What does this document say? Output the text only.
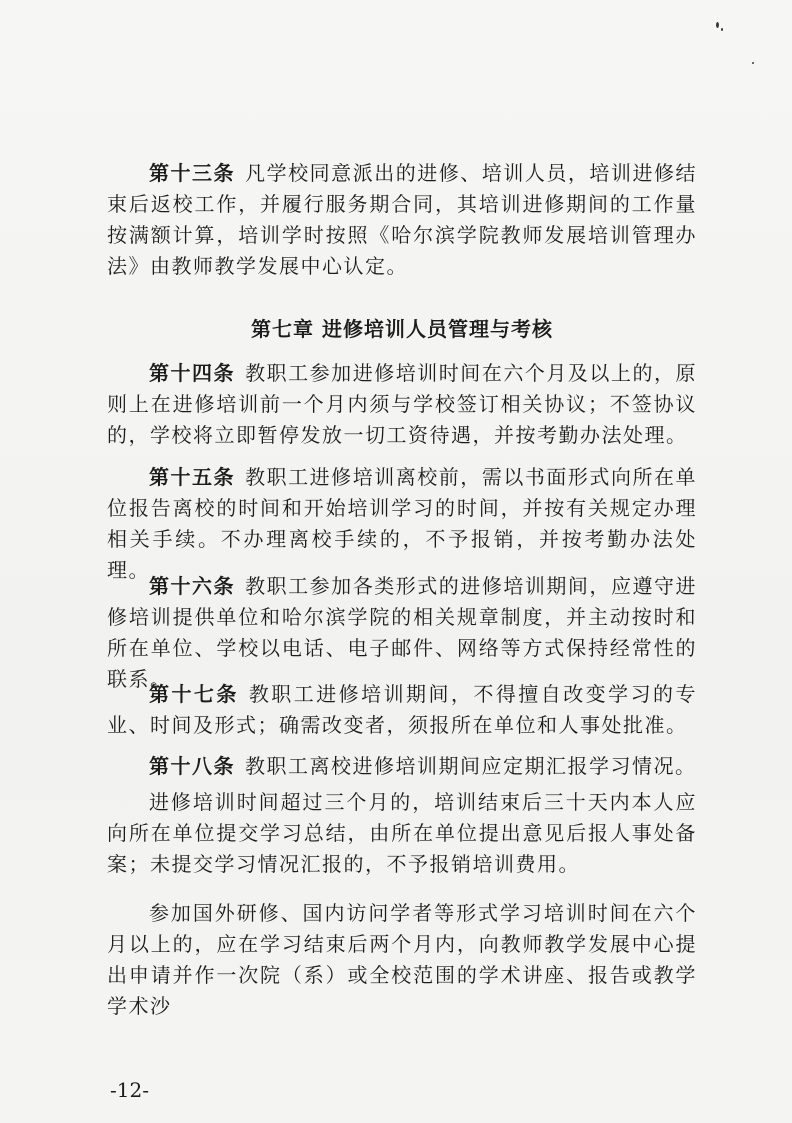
第十三条 凡学校同意派出的进修、培训人员，培训进修结束后返校工作，并履行服务期合同，其培训进修期间的工作量按满额计算，培训学时按照《哈尔滨学院教师发展培训管理办法》由教师教学发展中心认定。

第七章 进修培训人员管理与考核

第十四条 教职工参加进修培训时间在六个月及以上的，原则上在进修培训前一个月内须与学校签订相关协议；不签协议的，学校将立即暂停发放一切工资待遇，并按考勤办法处理。

第十五条 教职工进修培训离校前，需以书面形式向所在单位报告离校的时间和开始培训学习的时间，并按有关规定办理相关手续。不办理离校手续的，不予报销，并按考勤办法处理。

第十六条 教职工参加各类形式的进修培训期间，应遵守进修培训提供单位和哈尔滨学院的相关规章制度，并主动按时和所在单位、学校以电话、电子邮件、网络等方式保持经常性的联系。

第十七条 教职工进修培训期间，不得擅自改变学习的专业、时间及形式；确需改变者，须报所在单位和人事处批准。

第十八条 教职工离校进修培训期间应定期汇报学习情况。

进修培训时间超过三个月的，培训结束后三十天内本人应向所在单位提交学习总结，由所在单位提出意见后报人事处备案；未提交学习情况汇报的，不予报销培训费用。

参加国外研修、国内访问学者等形式学习培训时间在六个月以上的，应在学习结束后两个月内，向教师教学发展中心提出申请并作一次院（系）或全校范围的学术讲座、报告或教学学术沙

-12-
